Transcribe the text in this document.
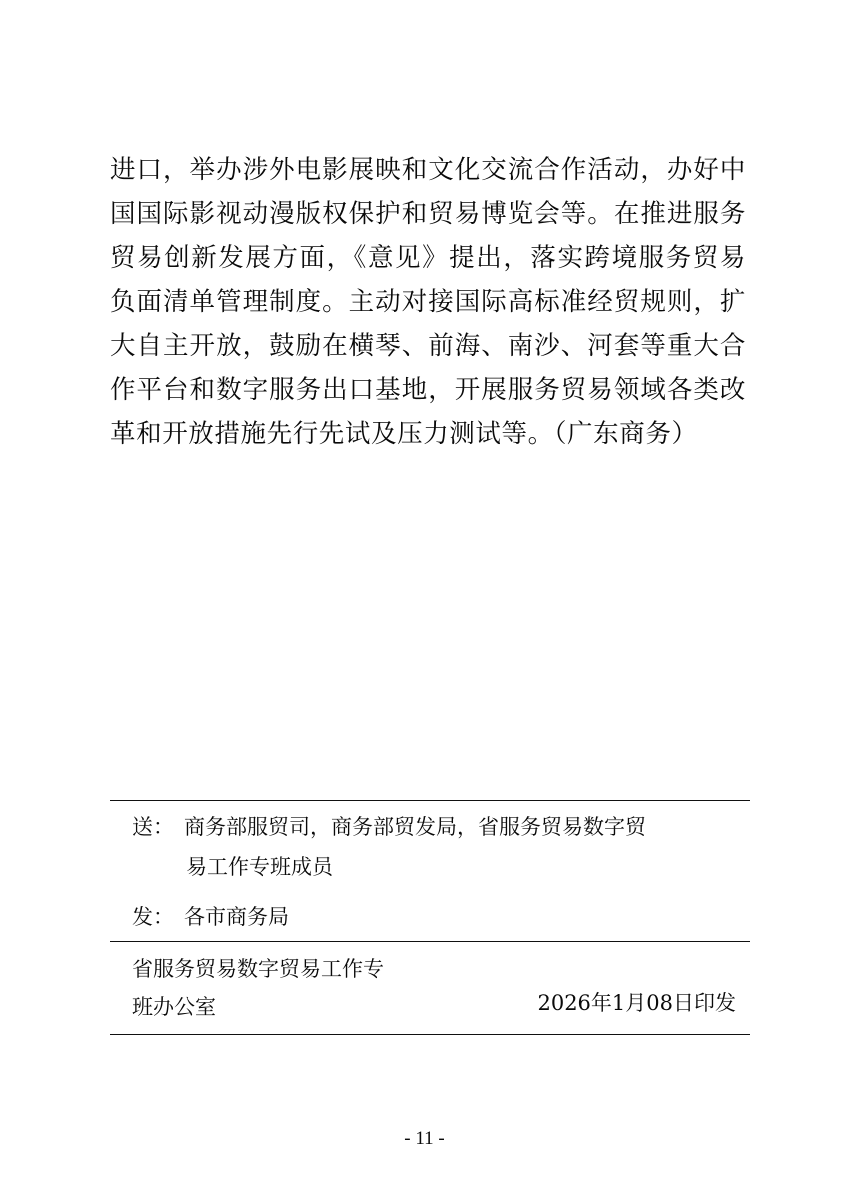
进口，举办涉外电影展映和文化交流合作活动，办好中国国际影视动漫版权保护和贸易博览会等。在推进服务贸易创新发展方面，《意见》提出，落实跨境服务贸易负面清单管理制度。主动对接国际高标准经贸规则，扩大自主开放，鼓励在横琴、前海、南沙、河套等重大合作平台和数字服务出口基地，开展服务贸易领域各类改革和开放措施先行先试及压力测试等。（广东商务）

送： 商务部服贸司，商务部贸发局，省服务贸易数字贸
易工作专班成员
发： 各市商务局
省服务贸易数字贸易工作专
班办公室	2026年1月08日印发
- 11 -
